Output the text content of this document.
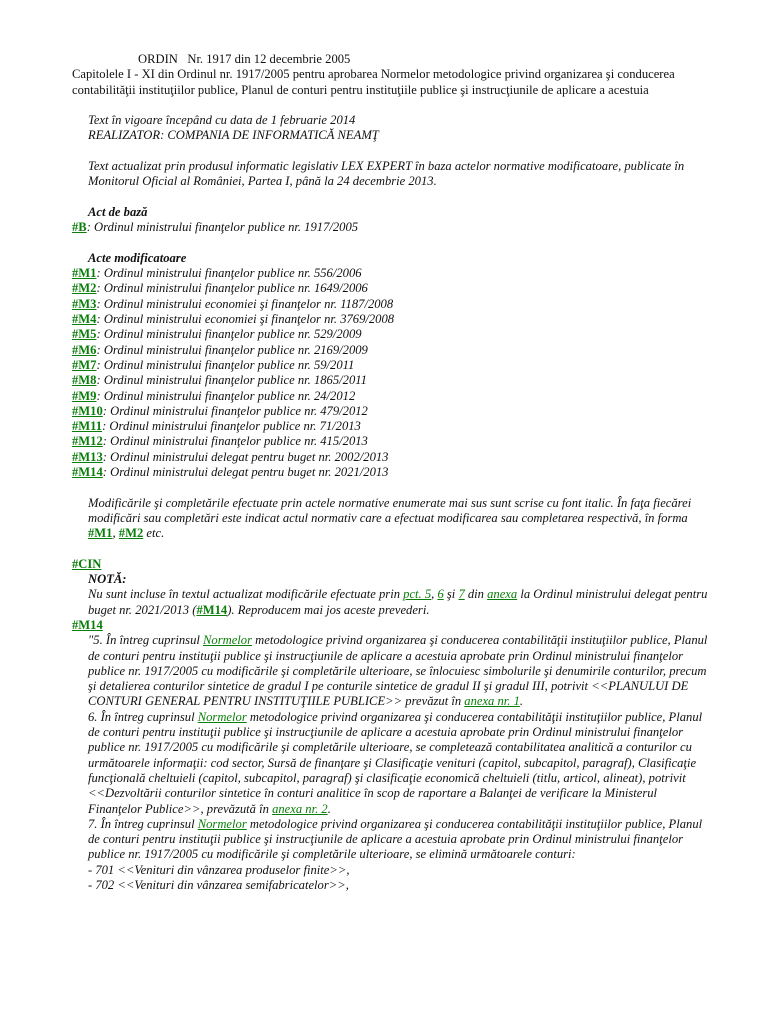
ORDIN Nr. 1917 din 12 decembrie 2005

Capitolele I - XI din Ordinul nr. 1917/2005 pentru aprobarea Normelor metodologice privind organizarea şi conducerea contabilităţii instituţiilor publice, Planul de conturi pentru instituţiile publice şi instrucţiunile de aplicare a acestuia

Text în vigoare începând cu data de 1 februarie 2014

REALIZATOR: COMPANIA DE INFORMATICĂ NEAMŢ

Text actualizat prin produsul informatic legislativ LEX EXPERT în baza actelor normative modificatoare, publicate în Monitorul Oficial al României, Partea I, până la 24 decembrie 2013.

Act de bază

#B: Ordinul ministrului finanţelor publice nr. 1917/2005

Acte modificatoare

#M1: Ordinul ministrului finanţelor publice nr. 556/2006

#M2: Ordinul ministrului finanţelor publice nr. 1649/2006

#M3: Ordinul ministrului economiei şi finanţelor nr. 1187/2008

#M4: Ordinul ministrului economiei şi finanţelor nr. 3769/2008

#M5: Ordinul ministrului finanţelor publice nr. 529/2009

#M6: Ordinul ministrului finanţelor publice nr. 2169/2009

#M7: Ordinul ministrului finanţelor publice nr. 59/2011

#M8: Ordinul ministrului finanţelor publice nr. 1865/2011

#M9: Ordinul ministrului finanţelor publice nr. 24/2012

#M10: Ordinul ministrului finanţelor publice nr. 479/2012

#M11: Ordinul ministrului finanţelor publice nr. 71/2013

#M12: Ordinul ministrului finanţelor publice nr. 415/2013

#M13: Ordinul ministrului delegat pentru buget nr. 2002/2013

#M14: Ordinul ministrului delegat pentru buget nr. 2021/2013

Modificările şi completările efectuate prin actele normative enumerate mai sus sunt scrise cu font italic. În faţa fiecărei modificări sau completări este indicat actul normativ care a efectuat modificarea sau completarea respectivă, în forma #M1, #M2 etc.

#CIN

NOTĂ:

Nu sunt incluse în textul actualizat modificările efectuate prin pct. 5, 6 şi 7 din anexa la Ordinul ministrului delegat pentru buget nr. 2021/2013 (#M14). Reproducem mai jos aceste prevederi.

#M14

"5. În întreg cuprinsul Normelor metodologice privind organizarea şi conducerea contabilităţii instituţiilor publice, Planul de conturi pentru instituţii publice şi instrucţiunile de aplicare a acestuia aprobate prin Ordinul ministrului finanţelor publice nr. 1917/2005 cu modificările şi completările ulterioare, se înlocuiesc simbolurile şi denumirile conturilor, precum şi detalierea conturilor sintetice de gradul I pe conturile sintetice de gradul II şi gradul III, potrivit <<PLANULUI DE CONTURI GENERAL PENTRU INSTITUŢIILE PUBLICE>> prevăzut în anexa nr. 1.

6. În întreg cuprinsul Normelor metodologice privind organizarea şi conducerea contabilităţii instituţiilor publice, Planul de conturi pentru instituţii publice şi instrucţiunile de aplicare a acestuia aprobate prin Ordinul ministrului finanţelor publice nr. 1917/2005 cu modificările şi completările ulterioare, se completează contabilitatea analitică a conturilor cu următoarele informaţii: cod sector, Sursă de finanţare şi Clasificaţie venituri (capitol, subcapitol, paragraf), Clasificaţie funcţională cheltuieli (capitol, subcapitol, paragraf) şi clasificaţie economică cheltuieli (titlu, articol, alineat), potrivit <<Dezvoltării conturilor sintetice în conturi analitice în scop de raportare a Balanţei de verificare la Ministerul Finanţelor Publice>>, prevăzută în anexa nr. 2.

7. În întreg cuprinsul Normelor metodologice privind organizarea şi conducerea contabilităţii instituţiilor publice, Planul de conturi pentru instituţii publice şi instrucţiunile de aplicare a acestuia aprobate prin Ordinul ministrului finanţelor publice nr. 1917/2005 cu modificările şi completările ulterioare, se elimină următoarele conturi:

- 701 <<Venituri din vânzarea produselor finite>>,

- 702 <<Venituri din vânzarea semifabricatelor>>,
